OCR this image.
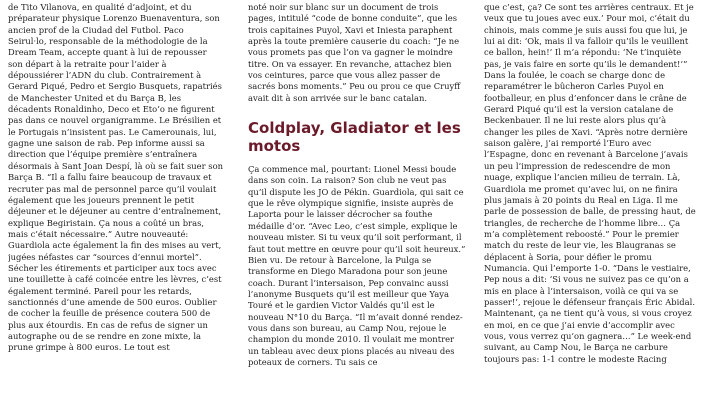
de Tito Vilanova, en qualité d’adjoint, et du préparateur physique Lorenzo Buenaventura, son ancien prof de la Ciudad del Futbol. Paco Seirul·lo, responsable de la méthodologie de la Dream Team, accepte quant à lui de repousser son départ à la retraite pour l’aider à dépoussiérer l’ADN du club. Contrairement à Gerard Piqué, Pedro et Sergio Busquets, rapatriés de Manchester United et du Barça B, les décadents Ronaldinho, Deco et Eto’o ne figurent pas dans ce nouvel organigramme. Le Brésilien et le Portugais n’insistent pas. Le Camerounais, lui, gagne une saison de rab. Pep informe aussi sa direction que l’équipe première s’entraînera désormais à Sant Joan Despí, là où se fait suer son Barça B. “Il a fallu faire beaucoup de travaux et recruter pas mal de personnel parce qu’il voulait également que les joueurs prennent le petit déjeuner et le déjeuner au centre d’entraînement, explique Begiristain. Ça nous a coûté un bras, mais c’était nécessaire.” Autre nouveauté: Guardiola acte également la fin des mises au vert, jugées néfastes car “sources d’ennui mortel”. Sécher les étirements et participer aux tocs avec une touillette à café coincée entre les lèvres, c’est également terminé. Pareil pour les retards, sanctionnés d’une amende de 500 euros. Oublier de cocher la feuille de présence coutera 500 de plus aux étourdis. En cas de refus de signer un autographe ou de se rendre en zone mixte, la prune grimpe à 800 euros. Le tout est

noté noir sur blanc sur un document de trois pages, intitulé “code de bonne conduite”, que les trois capitaines Puyol, Xavi et Iniesta paraphent après la toute première causerie du coach: “Je ne vous promets pas que l’on va gagner le moindre titre. On va essayer. En revanche, attachez bien vos ceintures, parce que vous allez passer de sacrés bons moments.” Peu ou prou ce que Cruyff avait dit à son arrivée sur le banc catalan.

Coldplay, Gladiator et les motos

Ça commence mal, pourtant: Lionel Messi boude dans son coin. La raison? Son club ne veut pas qu’il dispute les JO de Pékin. Guardiola, qui sait ce que le rêve olympique signifie, insiste auprès de Laporta pour le laisser décrocher sa fouthe médaille d’or. “Avec Leo, c’est simple, explique le nouveau mister. Si tu veux qu’il soit performant, il faut tout mettre en œuvre pour qu’il soit heureux.” Bien vu. De retour à Barcelone, la Pulga se transforme en Diego Maradona pour son jeune coach. Durant l’intersaison, Pep convainc aussi l’anonyme Busquets qu’il est meilleur que Yaya Touré et le gardien Victor Valdés qu’il est le nouveau N°10 du Barça. “Il m’avait donné rendez-vous dans son bureau, au Camp Nou, rejoue le champion du monde 2010. Il voulait me montrer un tableau avec deux pions placés au niveau des poteaux de corners. Tu sais ce

que c’est, ça? Ce sont tes arrières centraux. Et je veux que tu joues avec eux.’ Pour moi, c’était du chinois, mais comme je suis aussi fou que lui, je lui ai dit: ‘Ok, mais il va falloir qu’ils le veuillent ce ballon, hein!’ Il m’a répondu: ‘Ne t’inquiète pas, je vais faire en sorte qu’ils le demandent!’” Dans la foulée, le coach se charge donc de reparamétrer le bûcheron Carles Puyol en footballeur, en plus d’enfoncer dans le crâne de Gerard Piqué qu’il est la version catalane de Beckenbauer. Il ne lui reste alors plus qu’à changer les piles de Xavi. “Après notre dernière saison galère, j’ai remporté l’Euro avec l’Espagne, donc en revenant à Barcelone j’avais un peu l’impression de redescendre de mon nuage, explique l’ancien milieu de terrain. Là, Guardiola me promet qu’avec lui, on ne finira plus jamais à 20 points du Real en Liga. Il me parle de possession de balle, de pressing haut, de triangles, de recherche de l’homme libre… Ça m’a complètement reboosté.” Pour le premier match du reste de leur vie, les Blaugranas se déplacent à Soria, pour défier le promu Numancia. Qui l’emporte 1-0. “Dans le vestiaire, Pep nous a dit: ‘Si vous ne suivez pas ce qu’on a mis en place à l’intersaison, voilà ce qui va se passer!’, rejoue le défenseur français Éric Abidal. Maintenant, ça ne tient qu’à vous, si vous croyez en moi, en ce que j’ai envie d’accomplir avec vous, vous verrez qu’on gagnera…” Le week-end suivant, au Camp Nou, le Barça ne carbure toujours pas: 1-1 contre le modeste Racing
